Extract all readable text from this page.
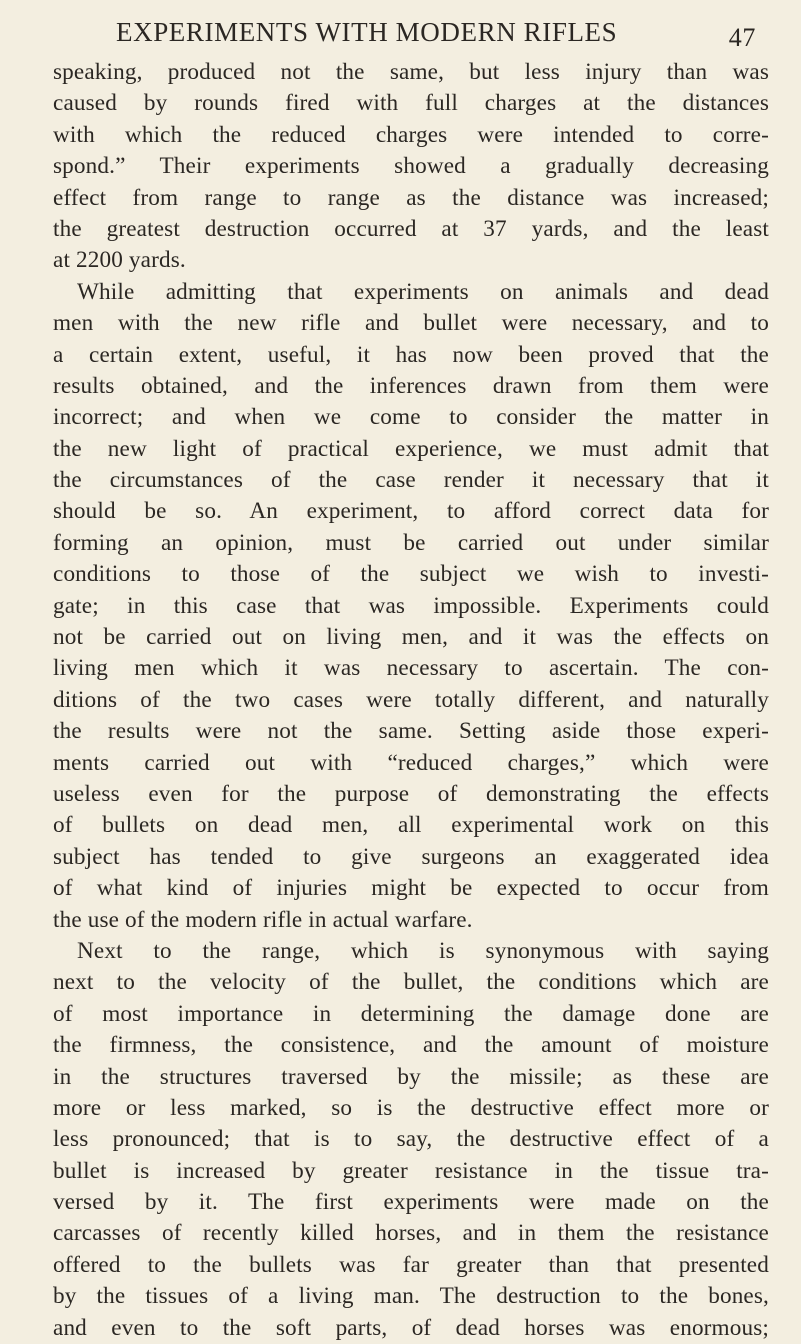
EXPERIMENTS WITH MODERN RIFLES	47
speaking, produced not the same, but less injury than was
caused by rounds fired with full charges at the distances
with which the reduced charges were intended to corre-
spond.” Their experiments showed a gradually decreasing
effect from range to range as the distance was increased;
the greatest destruction occurred at 37 yards, and the least
at 2200 yards.
While admitting that experiments on animals and dead
men with the new rifle and bullet were necessary, and to
a certain extent, useful, it has now been proved that the
results obtained, and the inferences drawn from them were
incorrect; and when we come to consider the matter in
the new light of practical experience, we must admit that
the circumstances of the case render it necessary that it
should be so. An experiment, to afford correct data for
forming an opinion, must be carried out under similar
conditions to those of the subject we wish to investi-
gate; in this case that was impossible. Experiments could
not be carried out on living men, and it was the effects on
living men which it was necessary to ascertain. The con-
ditions of the two cases were totally different, and naturally
the results were not the same. Setting aside those experi-
ments carried out with “reduced charges,” which were
useless even for the purpose of demonstrating the effects
of bullets on dead men, all experimental work on this
subject has tended to give surgeons an exaggerated idea
of what kind of injuries might be expected to occur from
the use of the modern rifle in actual warfare.
Next to the range, which is synonymous with saying
next to the velocity of the bullet, the conditions which are
of most importance in determining the damage done are
the firmness, the consistence, and the amount of moisture
in the structures traversed by the missile; as these are
more or less marked, so is the destructive effect more or
less pronounced; that is to say, the destructive effect of a
bullet is increased by greater resistance in the tissue tra-
versed by it. The first experiments were made on the
carcasses of recently killed horses, and in them the resistance
offered to the bullets was far greater than that presented
by the tissues of a living man. The destruction to the bones,
and even to the soft parts, of dead horses was enormous;
